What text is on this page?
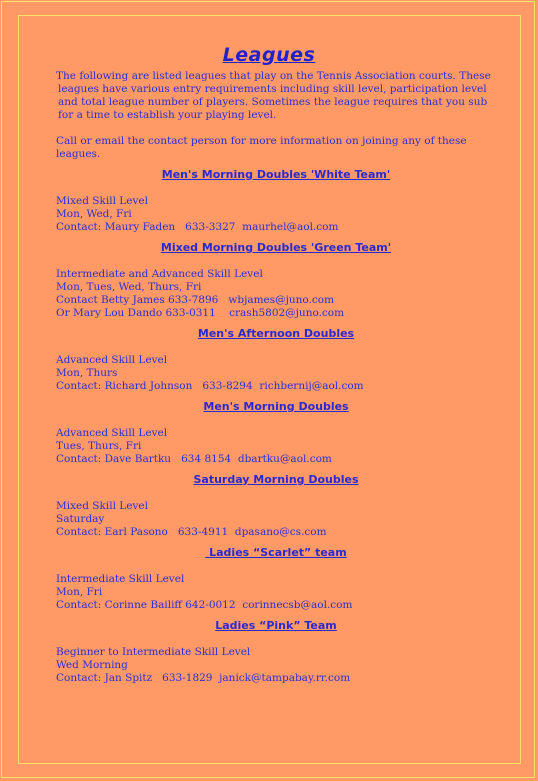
Leagues

The following are listed leagues that play on the Tennis Association courts. These

leagues have various entry requirements including skill level, participation level

and total league number of players. Sometimes the league requires that you sub

for a time to establish your playing level.

Call or email the contact person for more information on joining any of these

leagues.

Men's Morning Doubles 'White Team'

Mixed Skill Level

Mon, Wed, Fri

Contact: Maury Faden   633-3327  maurhel@aol.com

Mixed Morning Doubles 'Green Team'

Intermediate and Advanced Skill Level

Mon, Tues, Wed, Thurs, Fri

Contact Betty James 633-7896   wbjames@juno.com

Or Mary Lou Dando 633-0311    crash5802@juno.com

Men's Afternoon Doubles

Advanced Skill Level

Mon, Thurs

Contact: Richard Johnson   633-8294  richbernij@aol.com

Men's Morning Doubles

Advanced Skill Level

Tues, Thurs, Fri

Contact: Dave Bartku   634 8154  dbartku@aol.com

Saturday Morning Doubles

Mixed Skill Level

Saturday

Contact: Earl Pasono   633-4911  dpasano@cs.com

Ladies “Scarlet” team

Intermediate Skill Level

Mon, Fri

Contact: Corinne Bailiff 642-0012  corinnecsb@aol.com

Ladies “Pink” Team

Beginner to Intermediate Skill Level

Wed Morning

Contact: Jan Spitz   633-1829  janick@tampabay.rr.com
